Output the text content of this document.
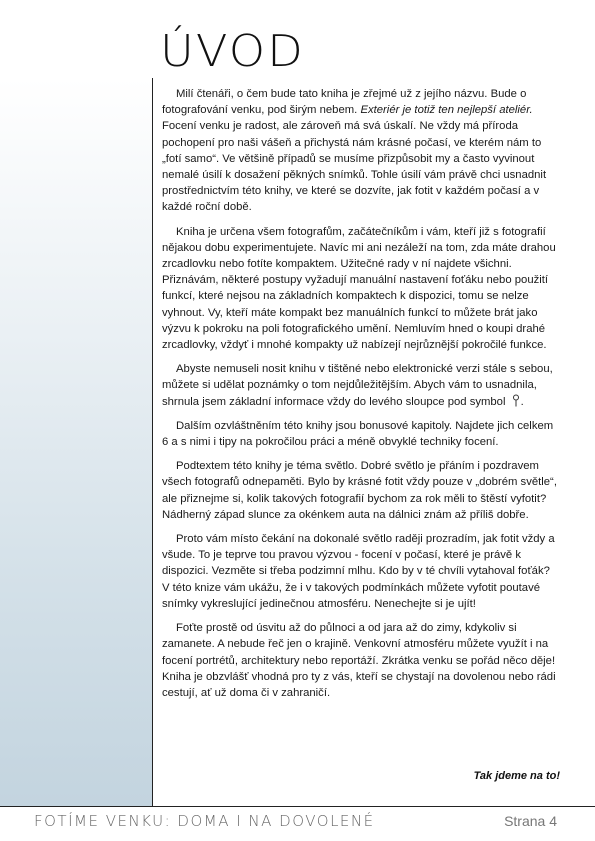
ÚVOD

Milí čtenáři, o čem bude tato kniha je zřejmé už z jejího názvu. Bude o fotografování venku, pod širým nebem. Exteriér je totiž ten nejlepší ateliér. Focení venku je radost, ale zároveň má svá úskalí. Ne vždy má příroda pochopení pro naši vášeň a přichystá nám krásné počasí, ve kterém nám to „fotí samo“. Ve většině případů se musíme přizpůsobit my a často vyvinout nemalé úsilí k dosažení pěkných snímků. Tohle úsilí vám právě chci usnadnit prostřednictvím této knihy, ve které se dozvíte, jak fotit v každém počasí a v každé roční době.

Kniha je určena všem fotografům, začátečníkům i vám, kteří již s fotografií nějakou dobu experimentujete. Navíc mi ani nezáleží na tom, zda máte drahou zrcadlovku nebo fotíte kompaktem. Užitečné rady v ní najdete všichni. Přiznávám, některé postupy vyžadují manuální nastavení foťáku nebo použití funkcí, které nejsou na základních kompaktech k dispozici, tomu se nelze vyhnout. Vy, kteří máte kompakt bez manuálních funkcí to můžete brát jako výzvu k pokroku na poli fotografického umění. Nemluvím hned o koupi drahé zrcadlovky, vždyť i mnohé kompakty už nabízejí nejrůznější pokročilé funkce.

Abyste nemuseli nosit knihu v tištěné nebo elektronické verzi stále s sebou, můžete si udělat poznámky o tom nejdůležitějším. Abych vám to usnadnila, shrnula jsem základní informace vždy do levého sloupce pod symbol .

Dalším ozvláštněním této knihy jsou bonusové kapitoly. Najdete jich celkem 6 a s nimi i tipy na pokročilou práci a méně obvyklé techniky focení.

Podtextem této knihy je téma světlo. Dobré světlo je přáním i pozdravem všech fotografů odnepaměti. Bylo by krásné fotit vždy pouze v „dobrém světle“, ale přiznejme si, kolik takových fotografií bychom za rok měli to štěstí vyfotit? Nádherný západ slunce za okénkem auta na dálnici znám až příliš dobře.

Proto vám místo čekání na dokonalé světlo raději prozradím, jak fotit vždy a všude. To je teprve tou pravou výzvou - focení v počasí, které je právě k dispozici. Vezměte si třeba podzimní mlhu. Kdo by v té chvíli vytahoval foťák? V této knize vám ukážu, že i v takových podmínkách můžete vyfotit poutavé snímky vykreslující jedinečnou atmosféru. Nenechejte si je ujít!

Foťte prostě od úsvitu až do půlnoci a od jara až do zimy, kdykoliv si zamanete. A nebude řeč jen o krajině. Venkovní atmosféru můžete využít i na focení portrétů, architektury nebo reportáží. Zkrátka venku se pořád něco děje! Kniha je obzvlášť vhodná pro ty z vás, kteří se chystají na dovolenou nebo rádi cestují, ať už doma či v zahraničí.

Tak jdeme na to!

FOTÍME VENKU: DOMA I NA DOVOLENÉ	Strana 4
